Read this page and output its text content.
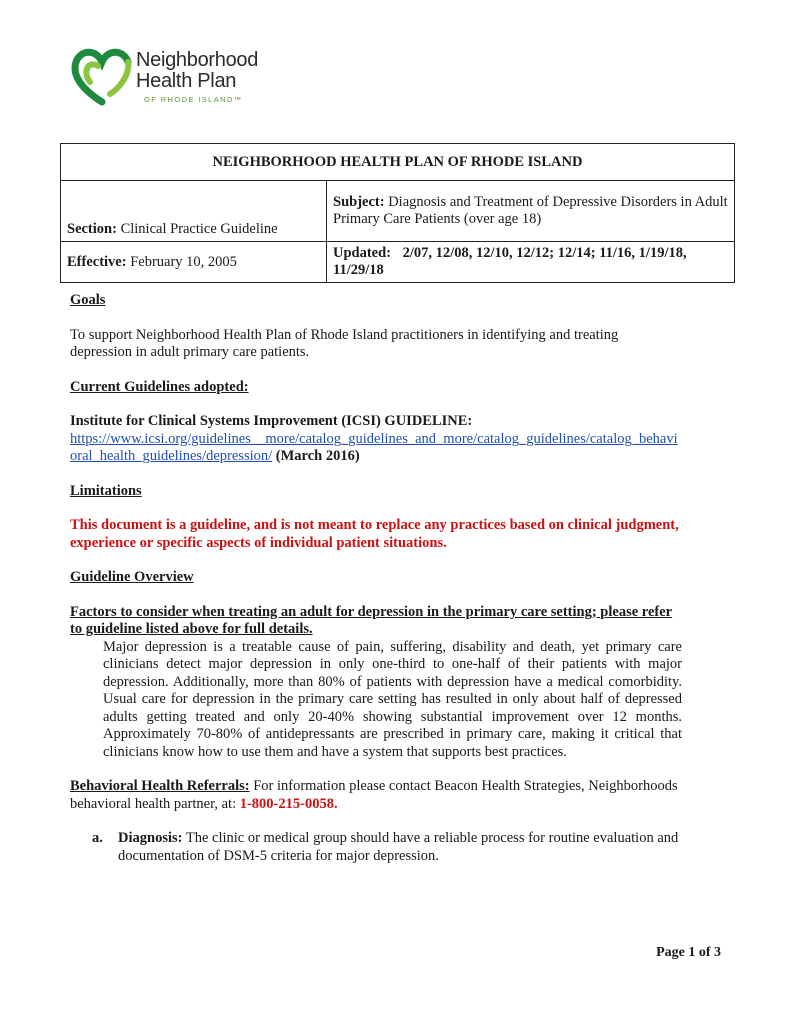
Neighborhood
Health Plan
OF RHODE ISLAND™
NEIGHBORHOOD HEALTH PLAN OF RHODE ISLAND	
Section: Clinical Practice Guideline	Subject: Diagnosis and Treatment of Depressive Disorders in Adult Primary Care Patients (over age 18)
Effective: February 10, 2005	Updated: 2/07, 12/08, 12/10, 12/12; 12/14; 11/16, 1/19/18, 11/29/18

Goals

To support Neighborhood Health Plan of Rhode Island practitioners in identifying and treating depression in adult primary care patients.

Current Guidelines adopted:

Institute for Clinical Systems Improvement (ICSI) GUIDELINE:

https://www.icsi.org/guidelines__more/catalog_guidelines_and_more/catalog_guidelines/catalog_behavioral_health_guidelines/depression/ (March 2016)

Limitations

This document is a guideline, and is not meant to replace any practices based on clinical judgment, experience or specific aspects of individual patient situations.

Guideline Overview

Factors to consider when treating an adult for depression in the primary care setting; please refer to guideline listed above for full details.

Major depression is a treatable cause of pain, suffering, disability and death, yet primary care clinicians detect major depression in only one-third to one-half of their patients with major depression. Additionally, more than 80% of patients with depression have a medical comorbidity. Usual care for depression in the primary care setting has resulted in only about half of depressed adults getting treated and only 20-40% showing substantial improvement over 12 months. Approximately 70-80% of antidepressants are prescribed in primary care, making it critical that clinicians know how to use them and have a system that supports best practices.

Behavioral Health Referrals: For information please contact Beacon Health Strategies, Neighborhoods behavioral health partner, at: 1-800-215-0058.

a.	Diagnosis: The clinic or medical group should have a reliable process for routine evaluation and documentation of DSM-5 criteria for major depression.
Page 1 of 3
